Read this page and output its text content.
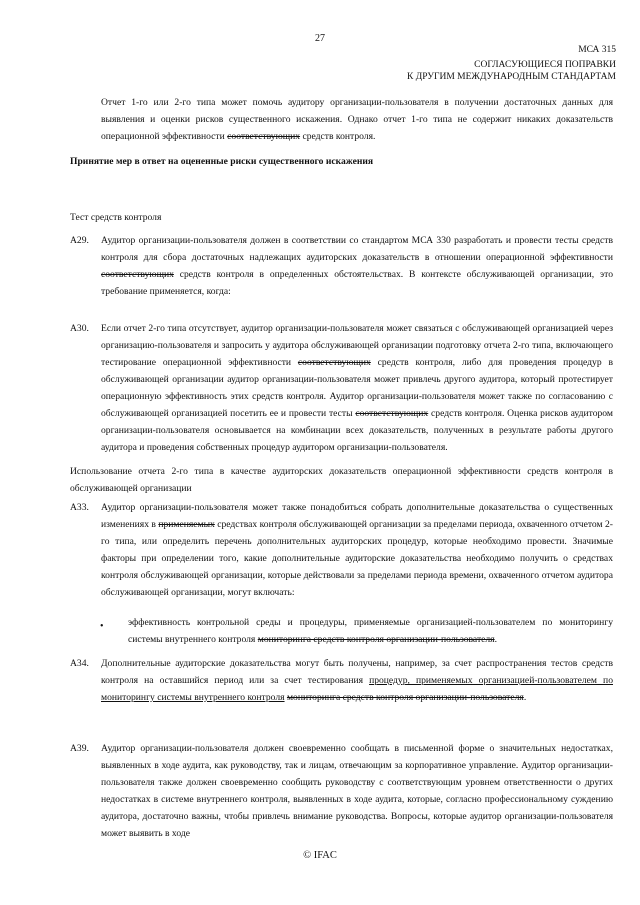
27
МСА 315
СОГЛАСУЮЩИЕСЯ ПОПРАВКИ
К ДРУГИМ МЕЖДУНАРОДНЫМ СТАНДАРТАМ

Отчет 1-го или 2-го типа может помочь аудитору организации-пользователя в получении достаточных данных для выявления и оценки рисков существенного искажения. Однако отчет 1-го типа не содержит никаких доказательств операционной эффективности соответствующих средств контроля.

Принятие мер в ответ на оцененные риски существенного искажения
Тест средств контроля
A29. Аудитор организации-пользователя должен в соответствии со стандартом МСА 330 разработать и провести тесты средств контроля для сбора достаточных надлежащих аудиторских доказательств в отношении операционной эффективности соответствующих средств контроля в определенных обстоятельствах. В контексте обслуживающей организации, это требование применяется, когда:

A30. Если отчет 2-го типа отсутствует, аудитор организации-пользователя может связаться с обслуживающей организацией через организацию-пользователя и запросить у аудитора обслуживающей организации подготовку отчета 2-го типа, включающего тестирование операционной эффективности соответствующих средств контроля, либо для проведения процедур в обслуживающей организации аудитор организации-пользователя может привлечь другого аудитора, который протестирует операционную эффективность этих средств контроля. Аудитор организации-пользователя может также по согласованию с обслуживающей организацией посетить ее и провести тесты соответствующих средств контроля. Оценка рисков аудитором организации-пользователя основывается на комбинации всех доказательств, полученных в результате работы другого аудитора и проведения собственных процедур аудитором организации-пользователя.

Использование отчета 2-го типа в качестве аудиторских доказательств операционной эффективности средств контроля в обслуживающей организации

A33. Аудитор организации-пользователя может также понадобиться собрать дополнительные доказательства о существенных изменениях в применяемых средствах контроля обслуживающей организации за пределами периода, охваченного отчетом 2-го типа, или определить перечень дополнительных аудиторских процедур, которые необходимо провести. Значимые факторы при определении того, какие дополнительные аудиторские доказательства необходимо получить о средствах контроля обслуживающей организации, которые действовали за пределами периода времени, охваченного отчетом аудитора обслуживающей организации, могут включать:

•	эффективность контрольной среды и процедуры, применяемые организацией-пользователем по мониторингу системы внутреннего контроля мониторинга средств контроля организации-пользователя.

A34. Дополнительные аудиторские доказательства могут быть получены, например, за счет распространения тестов средств контроля на оставшийся период или за счет тестирования процедур, применяемых организацией-пользователем по мониторингу системы внутреннего контроля мониторинга средств контроля организации-пользователя.

A39. Аудитор организации-пользователя должен своевременно сообщать в письменной форме о значительных недостатках, выявленных в ходе аудита, как руководству, так и лицам, отвечающим за корпоративное управление. Аудитор организации-пользователя также должен своевременно сообщить руководству с соответствующим уровнем ответственности о других недостатках в системе внутреннего контроля, выявленных в ходе аудита, которые, согласно профессиональному суждению аудитора, достаточно важны, чтобы привлечь внимание руководства. Вопросы, которые аудитор организации-пользователя может выявить в ходе

© IFAC
